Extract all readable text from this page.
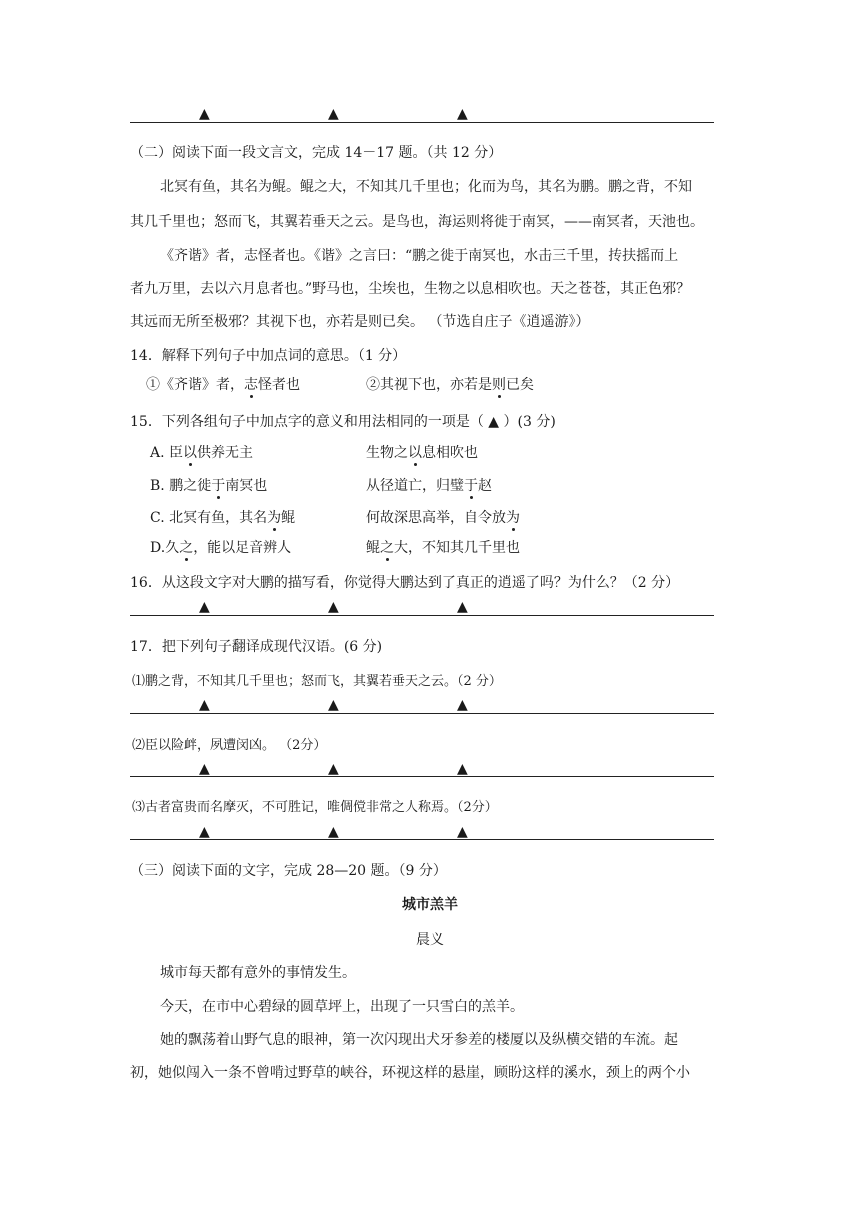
▲	▲	▲
（二）阅读下面一段文言文，完成 14－17 题。（共 12 分）
北冥有鱼，其名为鲲。鲲之大，不知其几千里也；化而为鸟，其名为鹏。鹏之背，不知
其几千里也；怒而飞，其翼若垂天之云。是鸟也，海运则将徙于南冥，——南冥者，天池也。
《齐谐》者，志怪者也。《谐》之言曰：“鹏之徙于南冥也，水击三千里，抟扶摇而上
者九万里，去以六月息者也。”野马也，尘埃也，生物之以息相吹也。天之苍苍，其正色邪？
其远而无所至极邪？其视下也，亦若是则已矣。 （节选自庄子《逍遥游》）
14．解释下列句子中加点词的意思。（1 分）
①《齐谐》者，志怪者也	②其视下也，亦若是则已矣
15．下列各组句子中加点字的意义和用法相同的一项是（ ▲ ）(3 分)
A. 臣以供养无主	生物之以息相吹也
B. 鹏之徙于南冥也	从径道亡，归璧于赵
C. 北冥有鱼，其名为鲲	何故深思高举，自令放为
D.久之，能以足音辨人	鲲之大，不知其几千里也
16．从这段文字对大鹏的描写看，你觉得大鹏达到了真正的逍遥了吗？为什么？（2 分）
▲	▲	▲
17．把下列句子翻译成现代汉语。(6 分)
⑴鹏之背，不知其几千里也；怒而飞，其翼若垂天之云。（2 分）
▲	▲	▲
⑵臣以险衅，夙遭闵凶。 （2分）
▲	▲	▲
⑶古者富贵而名摩灭，不可胜记，唯倜傥非常之人称焉。（2分）
▲	▲	▲
（三）阅读下面的文字，完成 28—20 题。（9 分）
城市羔羊
晨义
城市每天都有意外的事情发生。
今天，在市中心碧绿的圆草坪上，出现了一只雪白的羔羊。
她的飘荡着山野气息的眼神，第一次闪现出犬牙参差的楼厦以及纵横交错的车流。起
初，她似闯入一条不曾啃过野草的峡谷，环视这样的悬崖，顾盼这样的溪水，颈上的两个小
